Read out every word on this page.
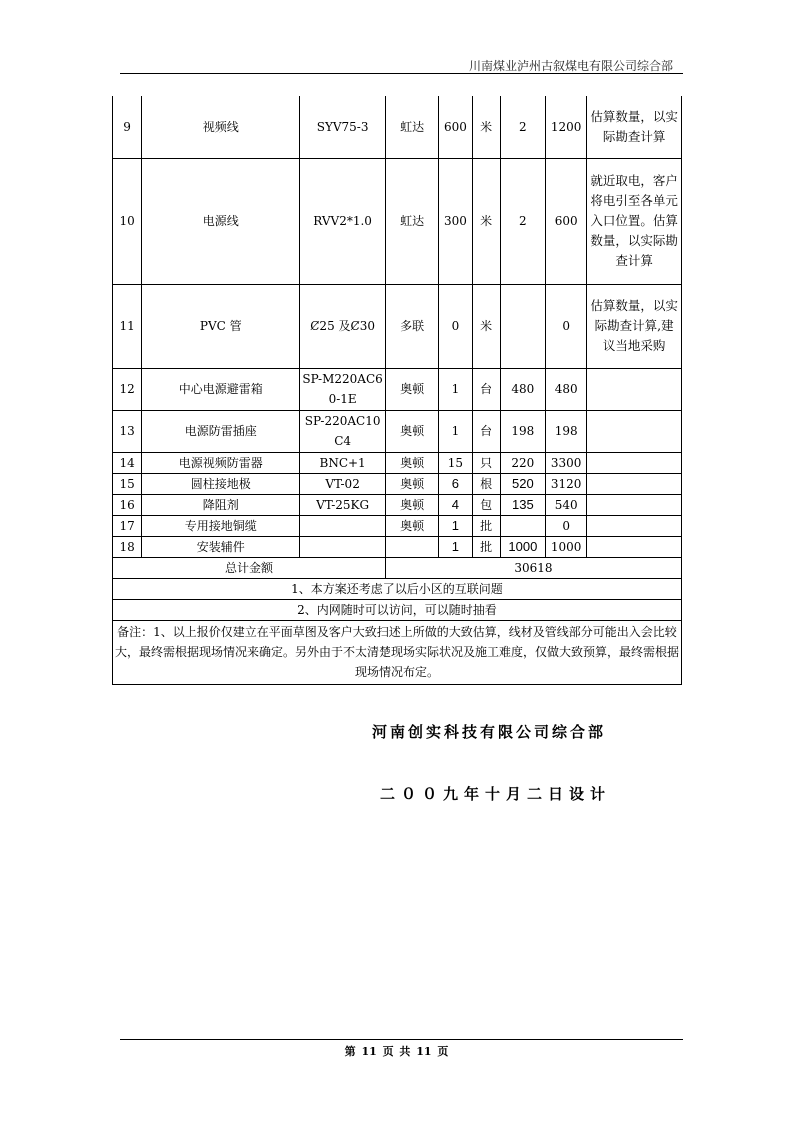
川南煤业泸州古叙煤电有限公司综合部
9	视频线	SYV75-3	虹达	600	米	2	1200	估算数量，以实际勘查计算
10	电源线	RVV2*1.0	虹达	300	米	2	600	就近取电，客户将电引至各单元入口位置。估算数量，以实际勘查计算
11	PVC 管	Ȼ25 及Ȼ30	多联	0	米		0	估算数量，以实际勘查计算,建议当地采购
12	中心电源避雷箱	SP-M220AC60-1E	奥顿	1	台	480	480	
13	电源防雷插座	SP-220AC10C4	奥顿	1	台	198	198	
14	电源视频防雷器	BNC+1	奥顿	15	只	220	3300	
15	圆柱接地极	VT-02	奥顿	6	根	520	3120	
16	降阻剂	VT-25KG	奥顿	4	包	135	540	
17	专用接地铜缆		奥顿	1	批		0	
18	安装辅件			1	批	1000	1000	
总计金额			30618					
1、本方案还考虑了以后小区的互联问题								
2、内网随时可以访问，可以随时抽看								
备注：1、以上报价仅建立在平面草图及客户大致扫述上所做的大致估算，线材及管线部分可能出入会比较大，最终需根据现场情况来确定。另外由于不太清楚现场实际状况及施工难度，仅做大致预算，最终需根据现场情况布定。								
河南创实科技有限公司综合部
二００九年十月二日设计
第 11 页 共 11 页
